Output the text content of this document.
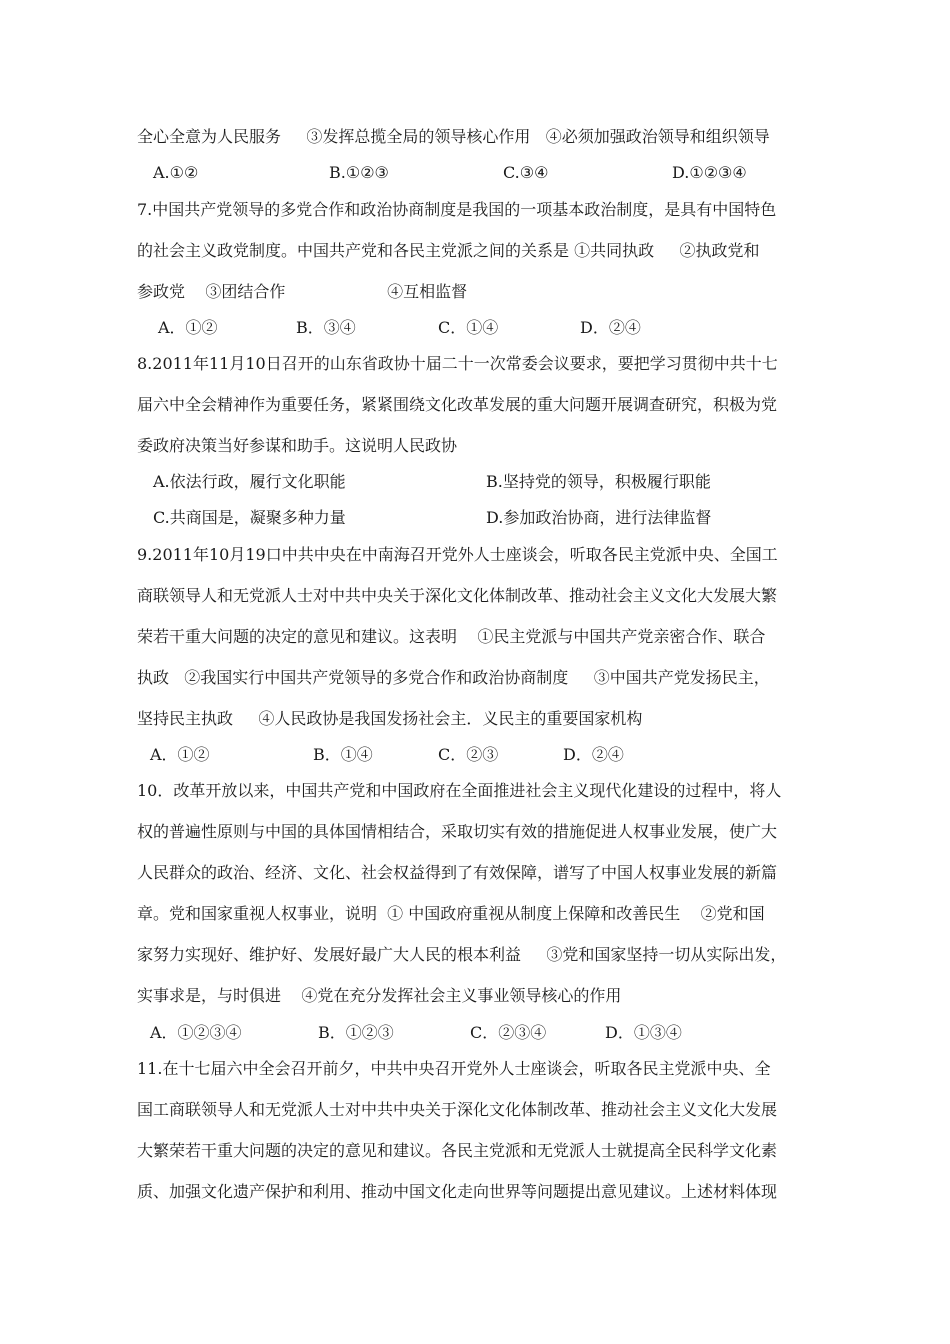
全心全意为人民服务     ③发挥总揽全局的领导核心作用   ④必须加强政治领导和组织领导
A.①②	B.①②③	C.③④	D.①②③④
7.中国共产党领导的多党合作和政治协商制度是我国的一项基本政治制度，是具有中国特色
的社会主义政党制度。中国共产党和各民主党派之间的关系是 ①共同执政     ②执政党和
参政党    ③团结合作                    ④互相监督
A．①②	B．③④	C．①④	D．②④
8.2011年11月10日召开的山东省政协十届二十一次常委会议要求，要把学习贯彻中共十七
届六中全会精神作为重要任务，紧紧围绕文化改革发展的重大问题开展调查研究，积极为党
委政府决策当好参谋和助手。这说明人民政协
A.依法行政，履行文化职能	B.坚持党的领导，积极履行职能
C.共商国是，凝聚多种力量	D.参加政治协商，进行法律监督
9.2011年10月19口中共中央在中南海召开党外人士座谈会，听取各民主党派中央、全国工
商联领导人和无党派人士对中共中央关于深化文化体制改革、推动社会主义文化大发展大繁
荣若干重大问题的决定的意见和建议。这表明    ①民主党派与中国共产党亲密合作、联合
执政   ②我国实行中国共产党领导的多党合作和政治协商制度     ③中国共产党发扬民主，
坚持民主执政     ④人民政协是我国发扬社会主．义民主的重要国家机构
A．①②	B．①④	C．②③	D．②④
10．改革开放以来，中国共产党和中国政府在全面推进社会主义现代化建设的过程中，将人
权的普遍性原则与中国的具体国情相结合，采取切实有效的措施促进人权事业发展，使广大
人民群众的政治、经济、文化、社会权益得到了有效保障，谱写了中国人权事业发展的新篇
章。党和国家重视人权事业，说明  ① 中国政府重视从制度上保障和改善民生    ②党和国
家努力实现好、维护好、发展好最广大人民的根本利益     ③党和国家坚持一切从实际出发，
实事求是，与时俱进    ④党在充分发挥社会主义事业领导核心的作用
A．①②③④	B．①②③	C．②③④	D．①③④
11.在十七届六中全会召开前夕，中共中央召开党外人士座谈会，听取各民主党派中央、全
国工商联领导人和无党派人士对中共中央关于深化文化体制改革、推动社会主义文化大发展
大繁荣若干重大问题的决定的意见和建议。各民主党派和无党派人士就提高全民科学文化素
质、加强文化遗产保护和利用、推动中国文化走向世界等问题提出意见建议。上述材料体现
